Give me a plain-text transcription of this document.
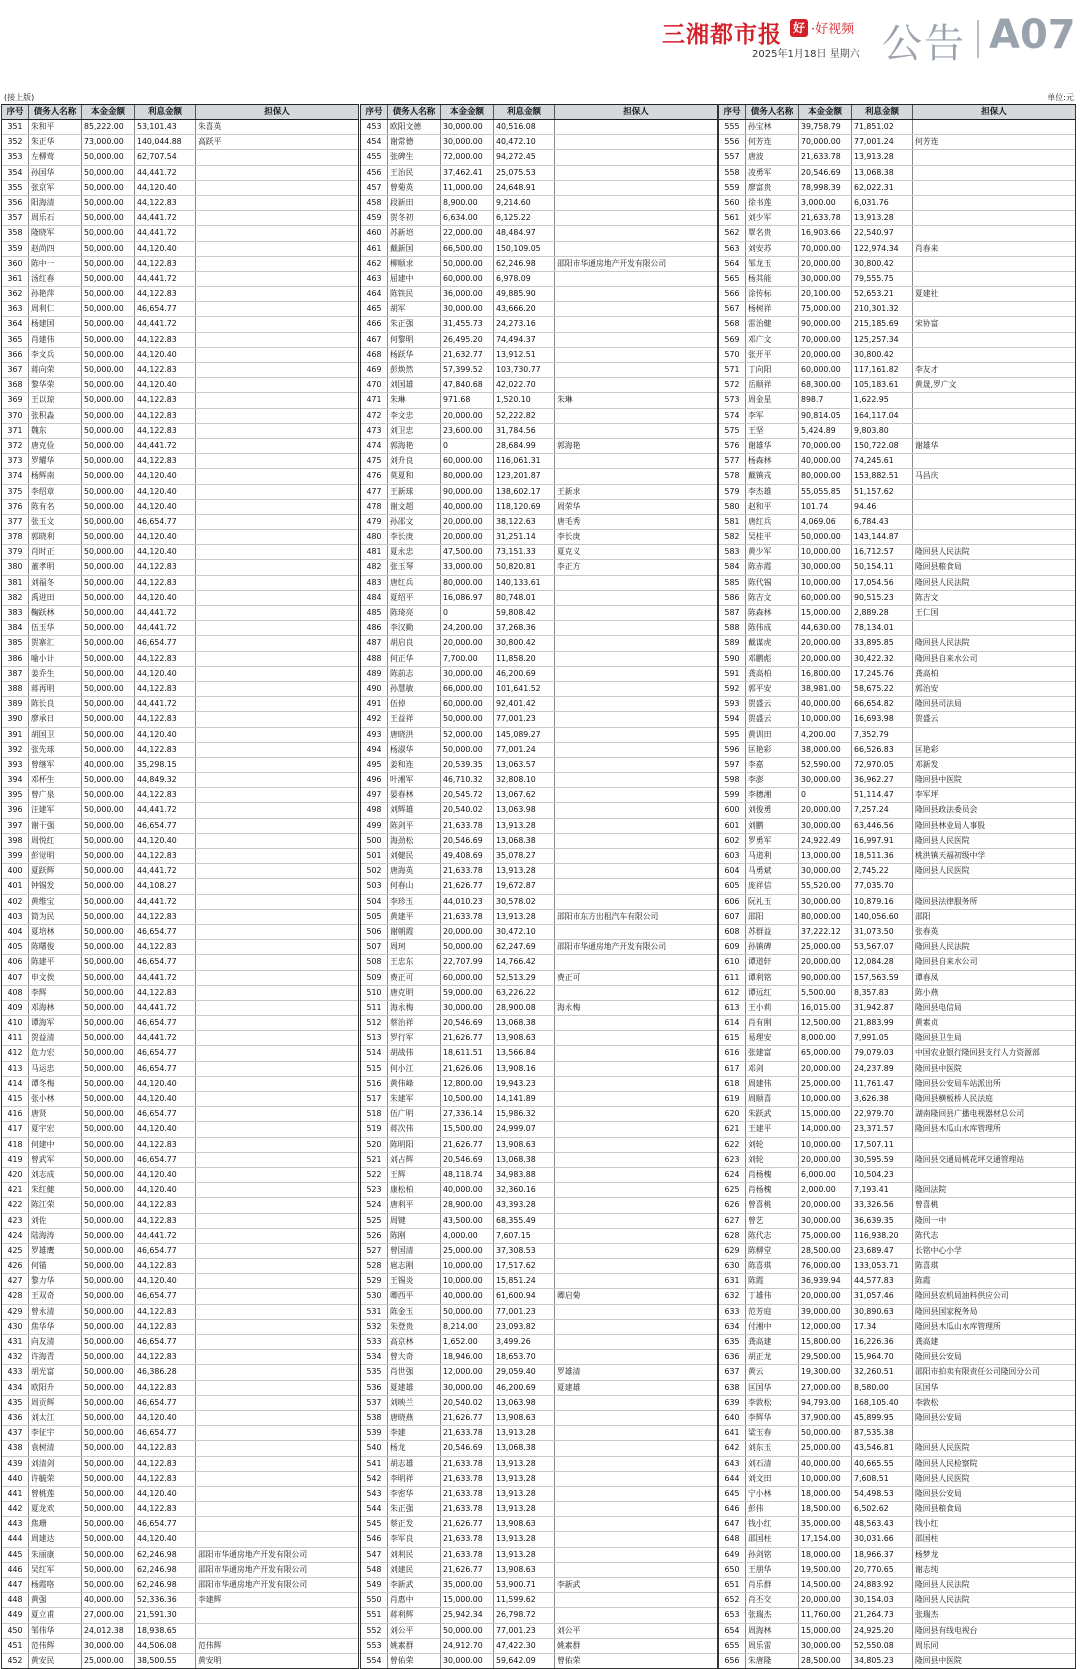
三湘都市报 好 ·好视频
2025年1月18日 星期六 公告 A07
(接上版)	单位:元
序号	债务人名称	本金金额	利息金额	担保人
351	朱和平	85,222.00	53,101.43	朱喜英
352	朱正华	73,000.00	140,044.88	高跃平
353	左柳莺	50,000.00	62,707.54
354	孙国华	50,000.00	44,441.72
355	张京军	50,000.00	44,120.40
356	阳海清	50,000.00	44,122.83
357	周乐石	50,000.00	44,441.72
358	隆晓军	50,000.00	44,441.72
359	赵尚四	50,000.00	44,120.40
360	陈中一	50,000.00	44,122.83
361	汤红春	50,000.00	44,441.72
362	孙艳萍	50,000.00	44,122.83
363	周利仁	50,000.00	46,654.77
364	杨建国	50,000.00	44,441.72
365	肖建伟	50,000.00	44,122.83
366	李文兵	50,000.00	44,120.40
367	蒋向荣	50,000.00	44,122.83
368	黎华荣	50,000.00	44,120.40
369	王以琼	50,000.00	44,122.83
370	张积淼	50,000.00	44,122.83
371	魏东	50,000.00	44,122.83
372	唐克俭	50,000.00	44,441.72
373	罗耀华	50,000.00	44,122.83
374	杨辉南	50,000.00	44,120.40
375	李绍章	50,000.00	44,120.40
376	陈有名	50,000.00	44,120.40
377	张玉文	50,000.00	46,654.77
378	郭晓利	50,000.00	44,120.40
379	肖时正	50,000.00	44,120.40
380	董孝明	50,000.00	44,122.83
381	刘福冬	50,000.00	44,122.83
382	禹进田	50,000.00	44,120.40
383	鞠跃林	50,000.00	44,441.72
384	伍玉华	50,000.00	44,441.72
385	贺寨汇	50,000.00	46,654.77
386	喻小计	50,000.00	44,122.83
387	姜乔生	50,000.00	44,120.40
388	蒋再明	50,000.00	44,122.83
389	陈长良	50,000.00	44,441.72
390	廖承日	50,000.00	44,122.83
391	胡国卫	50,000.00	44,120.40
392	张先球	50,000.00	44,122.83
393	曾继军	40,000.00	35,298.15
394	邓杯生	50,000.00	44,849.32
395	曾广泉	50,000.00	44,122.83
396	汪建军	50,000.00	44,441.72
397	谢干强	50,000.00	46,654.77
398	周悦红	50,000.00	44,120.40
399	彭觉明	50,000.00	44,122.83
400	夏跃辉	50,000.00	44,441.72
401	钟锡发	50,000.00	44,108.27
402	黄维宝	50,000.00	44,441.72
403	简为民	50,000.00	44,122.83
404	夏培林	50,000.00	46,654.77
405	陈曙俊	50,000.00	44,122.83
406	陈建平	50,000.00	46,654.77
407	申文俟	50,000.00	44,441.72
408	李辉	50,000.00	44,122.83
409	邓海林	50,000.00	44,441.72
410	谭海军	50,000.00	46,654.77
411	贺益清	50,000.00	44,441.72
412	危力宏	50,000.00	46,654.77
413	马运忠	50,000.00	46,654.77
414	谭冬梅	50,000.00	44,120.40
415	张小林	50,000.00	44,120.40
416	唐贤	50,000.00	46,654.77
417	夏宇宏	50,000.00	44,120.40
418	何建中	50,000.00	44,122.83
419	曾武军	50,000.00	46,654.77
420	刘志成	50,000.00	44,120.40
421	朱红健	50,000.00	44,120.40
422	陈江荣	50,000.00	44,122.83
423	刘佐	50,000.00	44,122.83
424	陆海涛	50,000.00	44,441.72
425	罗雄鹰	50,000.00	46,654.77
426	何锚	50,000.00	44,122.83
427	黎力华	50,000.00	44,120.40
428	王双奇	50,000.00	46,654.77
429	曾永清	50,000.00	44,122.83
430	焦华华	50,000.00	44,122.83
431	向友清	50,000.00	46,654.77
432	许海青	50,000.00	44,122.83
433	胡光富	50,000.00	46,386.28
434	欧阳升	50,000.00	44,122.83
435	周贡辉	50,000.00	46,654.77
436	刘太江	50,000.00	44,120.40
437	李征宇	50,000.00	46,654.77
438	袁树清	50,000.00	44,122.83
439	刘清剑	50,000.00	44,122.83
440	许毓荣	50,000.00	44,122.83
441	曾桃莲	50,000.00	44,120.40
442	夏龙欢	50,000.00	44,122.83
443	焦珊	50,000.00	46,654.77
444	周建达	50,000.00	44,120.40
445	朱丽康	50,000.00	62,246.98	邵阳市华通房地产开发有限公司
446	吴红军	50,000.00	62,246.98	邵阳市华通房地产开发有限公司
447	杨霞咯	50,000.00	62,246.98	邵阳市华通房地产开发有限公司
448	黄强	40,000.00	52,336.36	李建辉
449	夏立甫	27,000.00	21,591.30
450	邹伟华	24,012.38	18,938.65
451	范伟辉	30,000.00	44,506.08	范伟辉
452	黄安民	25,000.00	38,500.55	黄安明
序号	债务人名称	本金金额	利息金额	担保人
453	欧阳文德	30,000.00	40,516.08
454	谢常德	30,000.00	40,472.10
455	张碑生	72,000.00	94,272.45
456	王治民	37,462.41	25,075.53
457	曾菊英	11,000.00	24,648.91
458	段新田	8,900.00	9,214.60
459	贺冬初	6,634.00	6,125.22
460	苏新培	22,000.00	48,484.97
461	戴新国	66,500.00	150,109.05
462	柳顺求	50,000.00	62,246.98	邵阳市华通房地产开发有限公司
463	屈建中	60,000.00	6,978.09
464	陈铁民	36,000.00	49,885.90
465	胡军	30,000.00	43,666.20
466	朱正强	31,455.73	24,273.16
467	何黎明	26,495.20	74,494.37
468	杨跃华	21,632.77	13,912.51
469	彭焕然	57,399.52	103,730.77
470	刘国雄	47,840.68	42,022.70
471	朱琳	971.68	1,520.10	朱琳
472	李文忠	20,000.00	52,222.82
473	刘卫忠	23,600.00	31,784.56
474	郭海艳	0	28,684.99	郭海艳
475	刘升良	60,000.00	116,061.31
476	莫夏和	80,000.00	123,201.87
477	王新球	90,000.00	138,602.17	王新求
478	谢文超	40,000.00	118,120.69	周荣华
479	孙邵文	20,000.00	38,122.63	唐毛秀
480	李长庚	20,000.00	31,251.14	李长庚
481	夏永忠	47,500.00	73,151.33	夏克义
482	张玉琴	33,000.00	50,820.81	李正方
483	唐红兵	80,000.00	140,133.61
484	夏绍平	16,086.97	80,748.01
485	陈琦亮	0	59,808.42
486	李汉勤	24,200.00	37,268.36
487	胡启良	20,000.00	30,800.42
488	何正华	7,700.00	11,858.20
489	陈前志	30,000.00	46,200.69
490	孙慧敏	66,000.00	101,641.52
491	伍倬	60,000.00	92,401.42
492	王益祥	50,000.00	77,001.23
493	唐晓洪	52,000.00	145,089.27
494	杨淑华	50,000.00	77,001.24
495	姜和连	20,539.35	13,063.57
496	叶湘军	46,710.32	32,808.10
497	晏春林	20,545.72	13,067.62
498	刘辉雄	20,540.02	13,063.98
499	陈剑平	21,633.78	13,913.28
500	海劲松	20,546.69	13,068.38
501	刘健民	49,408.69	35,078.27
502	唐海英	21,633.78	13,913.28
503	何春山	21,626.77	19,672.87
504	李珍玉	44,010.23	30,578.02
505	黄建平	21,633.78	13,913.28	邵阳市东方出租汽车有限公司
506	谢朝霞	20,000.00	30,472.10
507	周珂	50,000.00	62,247.69	邵阳市华通房地产开发有限公司
508	王忠东	22,707.99	14,766.42
509	费正可	60,000.00	52,513.29	费正可
510	唐克明	59,000.00	63,226.22
511	海永梅	30,000.00	28,900.08	海永梅
512	蔡治祥	20,546.69	13,068.38
513	罗行军	21,626.77	13,908.63
514	胡战伟	18,611.51	13,566.84
515	何小江	21,626.06	13,908.16
516	黄伟峰	12,800.00	19,943.23
517	朱建军	10,500.00	14,141.89
518	伍广明	27,336.14	15,986.32
519	蒋次伟	15,500.00	24,999.07
520	陈明阳	21,626.77	13,908.63
521	刘占辉	20,546.69	13,068.38
522	王辉	48,118.74	34,983.88
523	康松柏	40,000.00	32,360.16
524	唐利平	28,900.00	43,393.28
525	周键	43,500.00	68,355.49
526	陈刚	4,000.00	7,607.15
527	曾国清	25,000.00	37,308.53
528	扈志刚	10,000.00	17,517.62
529	王锡炎	10,000.00	15,851.24
530	卿西平	40,000.00	61,600.94	卿启菊
531	陈金玉	50,000.00	77,001.23
532	朱登贵	8,214.00	23,093.82
533	高京林	1,652.00	3,499.26
534	曾大奇	18,946.00	18,653.70
535	肖世强	12,000.00	29,059.40	罗雄清
536	夏建雄	30,000.00	46,200.69	夏建雄
537	刘映兰	20,540.02	13,063.98
538	唐晓燕	21,626.77	13,908.63
539	李建	21,633.78	13,913.28
540	杨龙	20,546.69	13,068.38
541	胡志雄	21,633.78	13,913.28
542	李明祥	21,633.78	13,913.28
543	李密华	21,633.78	13,913.28
544	朱正强	21,633.78	13,913.28
545	蔡正发	21,626.77	13,908.63
546	李军良	21,633.78	13,913.28
547	刘利民	21,633.78	13,913.28
548	刘建民	21,626.77	13,908.63
549	李新武	35,000.00	53,900.71	李新武
550	肖惠中	15,000.00	11,599.62
551	蒋利辉	25,942.34	26,798.72
552	刘公平	50,000.00	77,001.23	刘公平
553	姚素群	24,912.70	47,422.30	姚素群
554	曾佑荣	30,000.00	59,642.09	曾佑荣
序号	债务人名称	本金金额	利息金额	担保人
555	孙宝林	39,758.79	71,851.02
556	何芳连	70,000.00	77,001.24	何芳连
557	唐波	21,633.78	13,913.28
558	凌勇军	20,546.69	13,068.38
559	廖富贵	78,998.39	62,022.31
560	徐书莲	3,000.00	6,031.76
561	刘少军	21,633.78	13,913.28
562	覃名贵	16,903.66	22,540.97
563	刘安苏	70,000.00	122,974.34	肖春来
564	邹龙玉	20,000.00	30,800.42
565	杨其能	30,000.00	79,555.75
566	涂传标	20,100.00	52,653.21	夏建社
567	杨树祥	75,000.00	210,301.32
568	雷治健	90,000.00	215,185.69	宋协富
569	邓广文	70,000.00	125,257.34
570	张开平	20,000.00	30,800.42
571	丁向阳	60,000.00	117,161.82	李友才
572	岳顺祥	68,300.00	105,183.61	黄晟,罗广文
573	周金星	898.7	1,622.95
574	李军	90,814.05	164,117.04
575	王坚	5,424.89	9,803.80
576	谢雄华	70,000.00	150,722.08	谢雄华
577	杨森林	40,000.00	74,245.61
578	戴镇戎	80,000.00	153,882.51	马昌庆
579	李杰雄	55,055.85	51,157.62
580	赵和平	101.74	94.46
581	唐红兵	4,069.06	6,784.43
582	吴桂平	50,000.00	143,144.87
583	黄少军	10,000.00	16,712.57	隆回县人民法院
584	陈赤霞	30,000.00	50,154.11	隆回县粮食局
585	陈代锡	10,000.00	17,054.56	隆回县人民法院
586	陈吉文	60,000.00	90,515.23	陈吉文
587	陈森林	15,000.00	2,889.28	王仁国
588	陈伟成	44,630.00	78,134.01
589	戴谋虎	20,000.00	33,895.85	隆回县人民法院
590	邓鹏彪	20,000.00	30,422.32	隆回县自来水公司
591	龚高柏	16,800.00	17,245.76	龚高柏
592	郭平安	38,981.00	58,675.22	郭治安
593	贺盛云	40,000.00	66,654.82	隆回县司法局
594	贺盛云	10,000.00	16,693.98	贺盛云
595	黄训田	4,200.00	7,352.79
596	匡艳彩	38,000.00	66,526.83	匡艳彩
597	李嘉	52,590.00	72,970.05	邓新发
598	李澎	30,000.00	36,962.27	隆回县中医院
599	李穗湘	0	51,114.47	李军坪
600	刘俊勇	20,000.00	7,257.24	隆回县政法委员会
601	刘鹏	30,000.00	63,446.56	隆回县林业局人事股
602	罗勇军	24,922.49	16,997.91	隆回县人民医院
603	马道利	13,000.00	18,511.36	桃洪镇天福初级中学
604	马勇斌	30,000.00	2,745.22	隆回县人民医院
605	庞祥信	55,520.00	77,035.70
606	阮礼玉	30,000.00	10,879.16	隆回县法律服务所
607	邵阳	80,000.00	140,056.60	邵阳
608	苏群益	37,222.12	31,073.50	张春英
609	孙镇碑	25,000.00	53,567.07	隆回县人民法院
610	谭道轩	20,000.00	12,084.28	隆回县自来水公司
611	谭利铭	90,000.00	157,563.59	谭春凤
612	谭远红	5,500.00	8,357.83	陈小燕
613	王小莉	16,015.00	31,942.87	隆回县电信局
614	肖有刚	12,500.00	21,883.99	黄素贞
615	易理安	8,000.00	7,991.05	隆回县卫生局
616	张建富	65,000.00	79,079.03	中国农业银行隆回县支行人力资源部
617	邓剑	20,000.00	24,237.89	隆回县中医院
618	周建伟	25,000.00	11,761.47	隆回县公安局车站派出所
619	周顺喜	10,000.00	3,626.38	隆回县横板桥人民法庭
620	朱跃武	15,000.00	22,979.70	湖南隆回县广播电视器材总公司
621	王建平	14,000.00	23,371.57	隆回县木瓜山水库管理所
622	刘轮	10,000.00	17,507.11
623	刘轮	20,000.00	30,595.59	隆回县交通局桃花坪交通管理站
624	肖杨槐	6,000.00	10,504.23
625	肖杨槐	2,000.00	7,193.41	隆回法院
626	曾喜桃	20,000.00	33,326.56	曾喜桃
627	曾艺	30,000.00	36,639.35	隆回一中
628	陈代志	75,000.00	116,938.20	陈代志
629	陈柳堂	28,500.00	23,689.47	长铭中心小学
630	陈喜琪	76,000.00	133,053.71	陈喜琪
631	陈霞	36,939.94	44,577.83	陈霞
632	丁雄伟	20,000.00	31,057.46	隆回县农机局油料供应公司
633	范芳庭	39,000.00	30,890.63	隆回县国家税务局
634	付湘中	12,000.00	17.34	隆回县木瓜山水库管理所
635	龚高建	15,800.00	16,226.36	龚高建
636	胡正龙	29,500.00	15,964.70	隆回县公安局
637	黄云	19,300.00	32,260.51	邵阳市拍卖有限责任公司隆回分公司
638	匡国华	27,000.00	8,580.00	匡国华
639	李敦松	94,793.00	168,105.40	李敦松
640	李辉华	37,900.00	45,899.95	隆回县公安局
641	梁玉春	50,000.00	87,535.38
642	刘东玉	25,000.00	43,546.81	隆回县人民医院
643	刘石清	40,000.00	40,665.55	隆回县人民检察院
644	刘文田	10,000.00	7,608.51	隆回县人民医院
645	宁小林	18,000.00	54,498.53	隆回县公安局
646	彭伟	18,500.00	6,502.62	隆回县粮食局
647	钱小红	35,000.00	48,563.43	钱小红
648	邵国柱	17,154.00	30,031.66	邵国柱
649	孙剑铭	18,000.00	18,966.37	杨梦龙
650	王朋华	19,500.00	20,770.65	谢志纯
651	肖乐群	14,500.00	24,883.92	隆回县人民法院
652	肖丕交	20,000.00	30,154.03	隆回县人民法院
653	张瑞杰	11,760.00	21,264.73	张瑞杰
654	周海林	15,000.00	24,925.20	隆回县有线电视台
655	周乐雷	30,000.00	52,550.08	周乐同
656	朱唐隆	28,500.00	34,805.23	隆回县中医院
